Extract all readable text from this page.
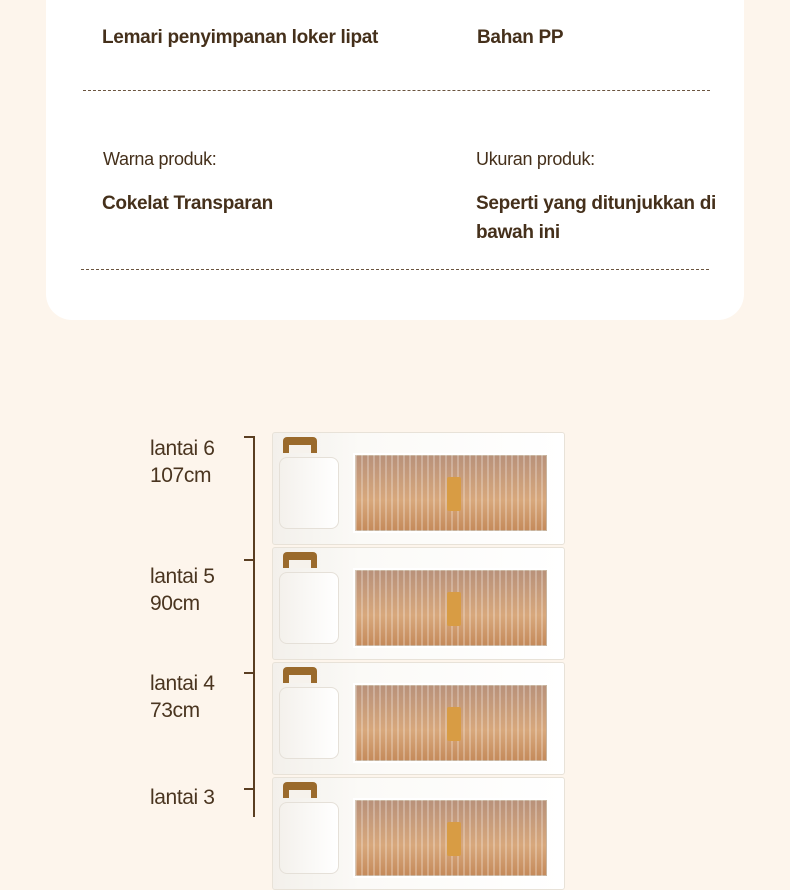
Lemari penyimpanan loker lipat	Bahan PP
Warna produk:	Ukuran produk:
Cokelat Transparan	Seperti yang ditunjukkan di
bawah ini
lantai 6
107cm
lantai 5
90cm
lantai 4
73cm
lantai 3
